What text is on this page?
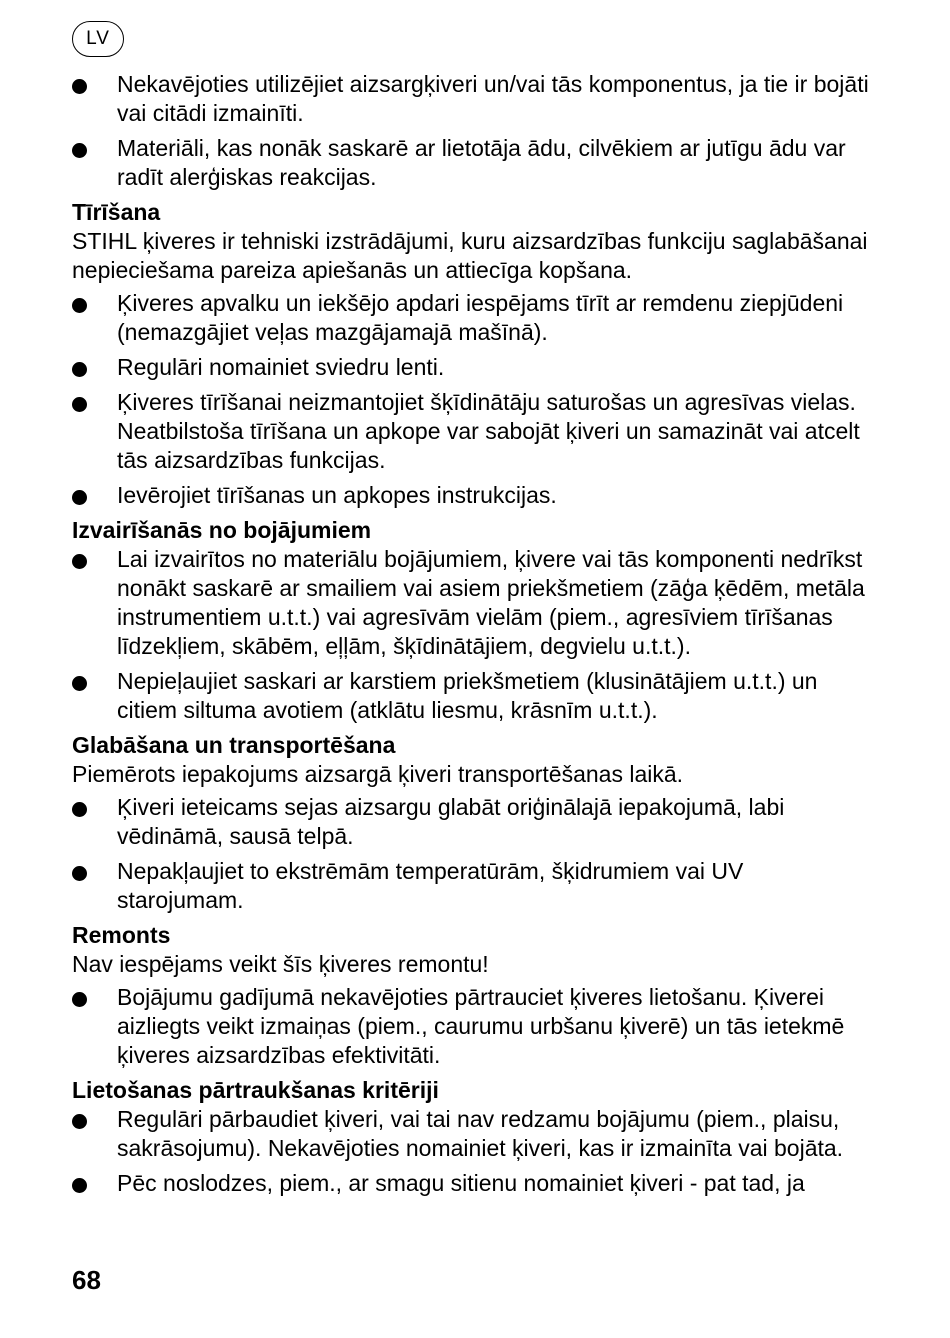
LV
Nekavējoties utilizējiet aizsargķiveri un/vai tās komponentus, ja tie ir bojāti vai citādi izmainīti.
Materiāli, kas nonāk saskarē ar lietotāja ādu, cilvēkiem ar jutīgu ādu var radīt alerģiskas reakcijas.
Tīrīšana
STIHL ķiveres ir tehniski izstrādājumi, kuru aizsardzības funkciju saglabāšanai nepieciešama pareiza apiešanās un attiecīga kopšana.
Ķiveres apvalku un iekšējo apdari iespējams tīrīt ar remdenu ziepjūdeni (nemazgājiet veļas mazgājamajā mašīnā).
Regulāri nomainiet sviedru lenti.
Ķiveres tīrīšanai neizmantojiet šķīdinātāju saturošas un agresīvas vielas. Neatbilstoša tīrīšana un apkope var sabojāt ķiveri un samazināt vai atcelt tās aizsardzības funkcijas.
Ievērojiet tīrīšanas un apkopes instrukcijas.
Izvairīšanās no bojājumiem
Lai izvairītos no materiālu bojājumiem, ķivere vai tās komponenti nedrīkst nonākt saskarē ar smailiem vai asiem priekšmetiem (zāģa ķēdēm, metāla instrumentiem u.t.t.) vai agresīvām vielām (piem., agresīviem tīrīšanas līdzekļiem, skābēm, eļļām, šķīdinātājiem, degvielu u.t.t.).
Nepieļaujiet saskari ar karstiem priekšmetiem (klusinātājiem u.t.t.) un citiem siltuma avotiem (atklātu liesmu, krāsnīm u.t.t.).
Glabāšana un transportēšana
Piemērots iepakojums aizsargā ķiveri transportēšanas laikā.
Ķiveri ieteicams sejas aizsargu glabāt oriģinālajā iepakojumā, labi vēdināmā, sausā telpā.
Nepakļaujiet to ekstrēmām temperatūrām, šķidrumiem vai UV starojumam.
Remonts
Nav iespējams veikt šīs ķiveres remontu!
Bojājumu gadījumā nekavējoties pārtrauciet ķiveres lietošanu. Ķiverei aizliegts veikt izmaiņas (piem., caurumu urbšanu ķiverē) un tās ietekmē ķiveres aizsardzības efektivitāti.
Lietošanas pārtraukšanas kritēriji
Regulāri pārbaudiet ķiveri, vai tai nav redzamu bojājumu (piem., plaisu, sakrāsojumu). Nekavējoties nomainiet ķiveri, kas ir izmainīta vai bojāta.
Pēc noslodzes, piem., ar smagu sitienu nomainiet ķiveri - pat tad, ja
68
